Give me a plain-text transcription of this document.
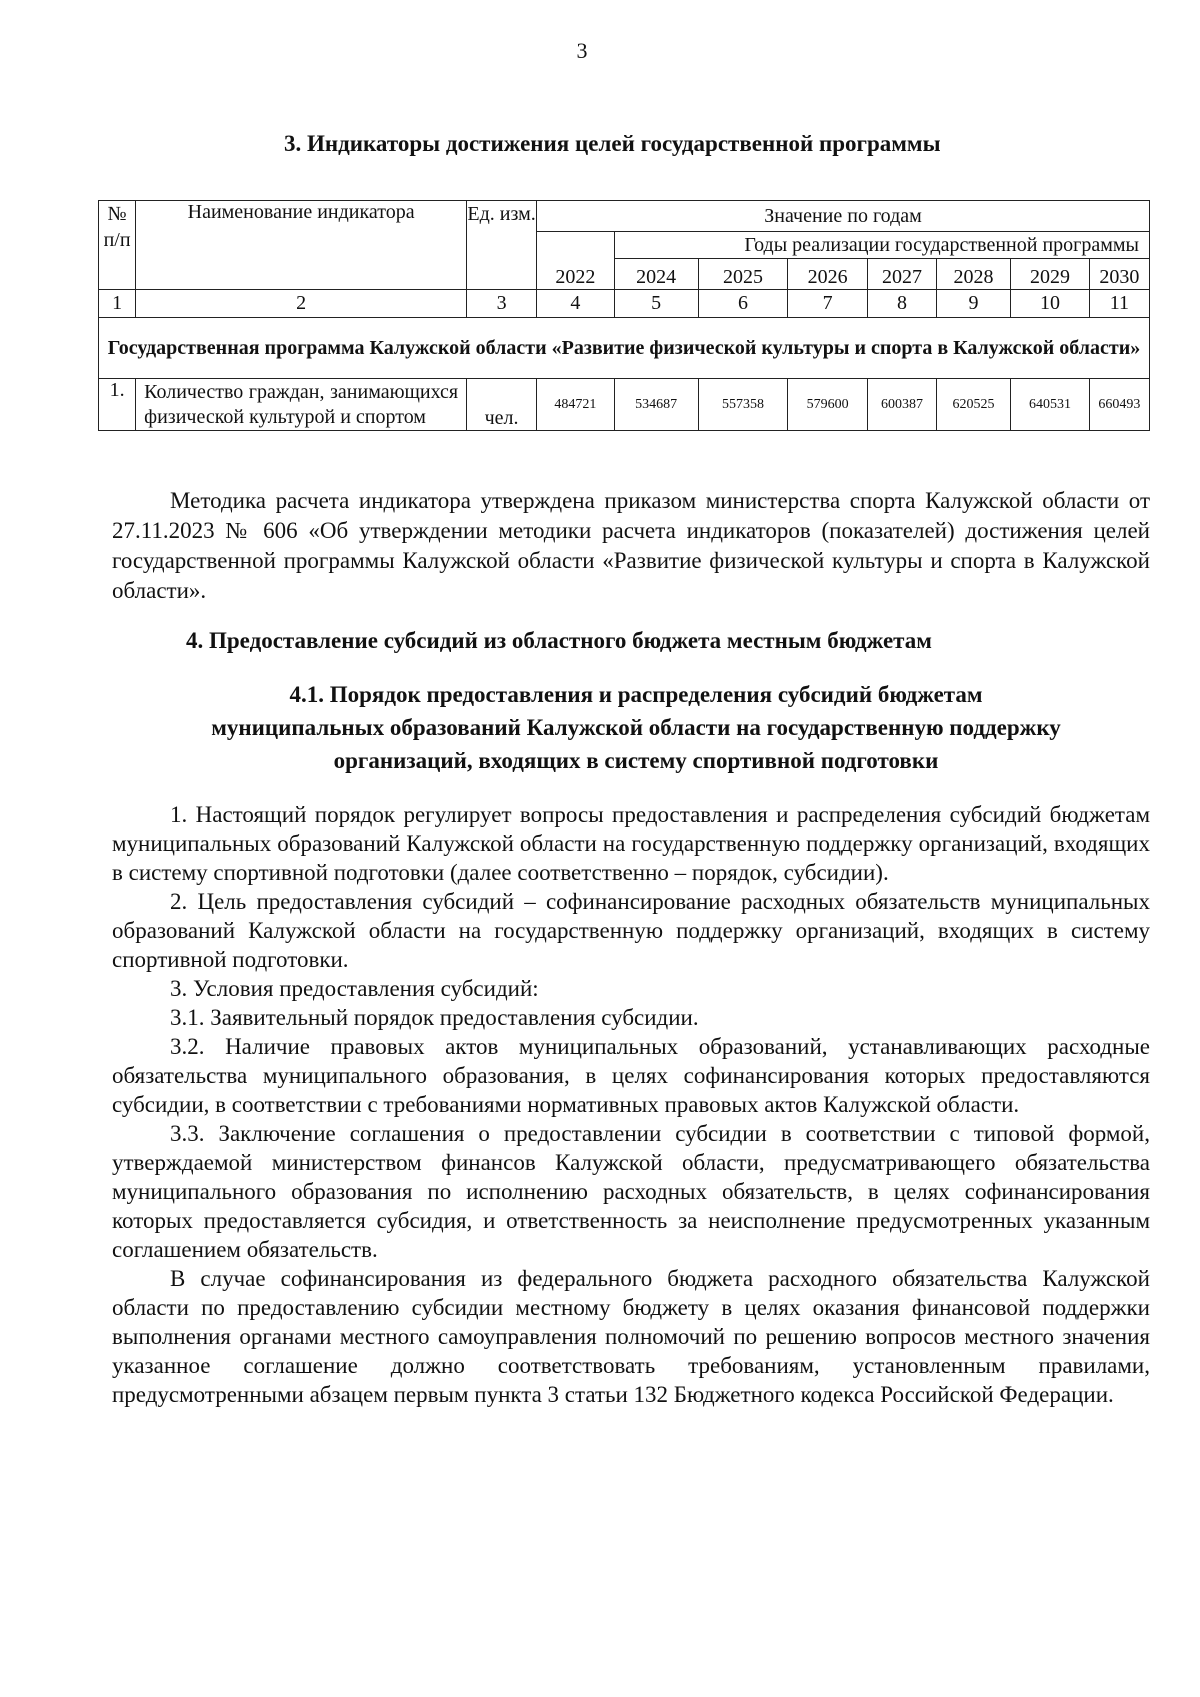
3
3. Индикаторы достижения целей государственной программы
№ п/п	Наименование индикатора	Ед. изм.	Значение по годам							
			2022	Годы реализации государственной программы						
				2024	2025	2026	2027	2028	2029	2030
1	2	3	4	5	6	7	8	9	10	11
Государственная программа Калужской области «Развитие физической культуры и спорта в Калужской области»										
1.	Количество граждан, занимающихся физической культурой и спортом	чел.	484721	534687	557358	579600	600387	620525	640531	660493

Методика расчета индикатора утверждена приказом министерства спорта Калужской области от 27.11.2023 № 606 «Об утверждении методики расчета индикаторов (показателей) достижения целей государственной программы Калужской области «Развитие физической культуры и спорта в Калужской области».

4. Предоставление субсидий из областного бюджета местным бюджетам
4.1. Порядок предоставления и распределения субсидий бюджетам
муниципальных образований Калужской области на государственную поддержку
организаций, входящих в систему спортивной подготовки

1. Настоящий порядок регулирует вопросы предоставления и распределения субсидий бюджетам муниципальных образований Калужской области на государственную поддержку организаций, входящих в систему спортивной подготовки (далее соответственно – порядок, субсидии).

2. Цель предоставления субсидий – софинансирование расходных обязательств муниципальных образований Калужской области на государственную поддержку организаций, входящих в систему спортивной подготовки.

3. Условия предоставления субсидий:

3.1. Заявительный порядок предоставления субсидии.

3.2. Наличие правовых актов муниципальных образований, устанавливающих расходные обязательства муниципального образования, в целях софинансирования которых предоставляются субсидии, в соответствии с требованиями нормативных правовых актов Калужской области.

3.3. Заключение соглашения о предоставлении субсидии в соответствии с типовой формой, утверждаемой министерством финансов Калужской области, предусматривающего обязательства муниципального образования по исполнению расходных обязательств, в целях софинансирования которых предоставляется субсидия, и ответственность за неисполнение предусмотренных указанным соглашением обязательств.

В случае софинансирования из федерального бюджета расходного обязательства Калужской области по предоставлению субсидии местному бюджету в целях оказания финансовой поддержки выполнения органами местного самоуправления полномочий по решению вопросов местного значения указанное соглашение должно соответствовать требованиям, установленным правилами, предусмотренными абзацем первым пункта 3 статьи 132 Бюджетного кодекса Российской Федерации.
